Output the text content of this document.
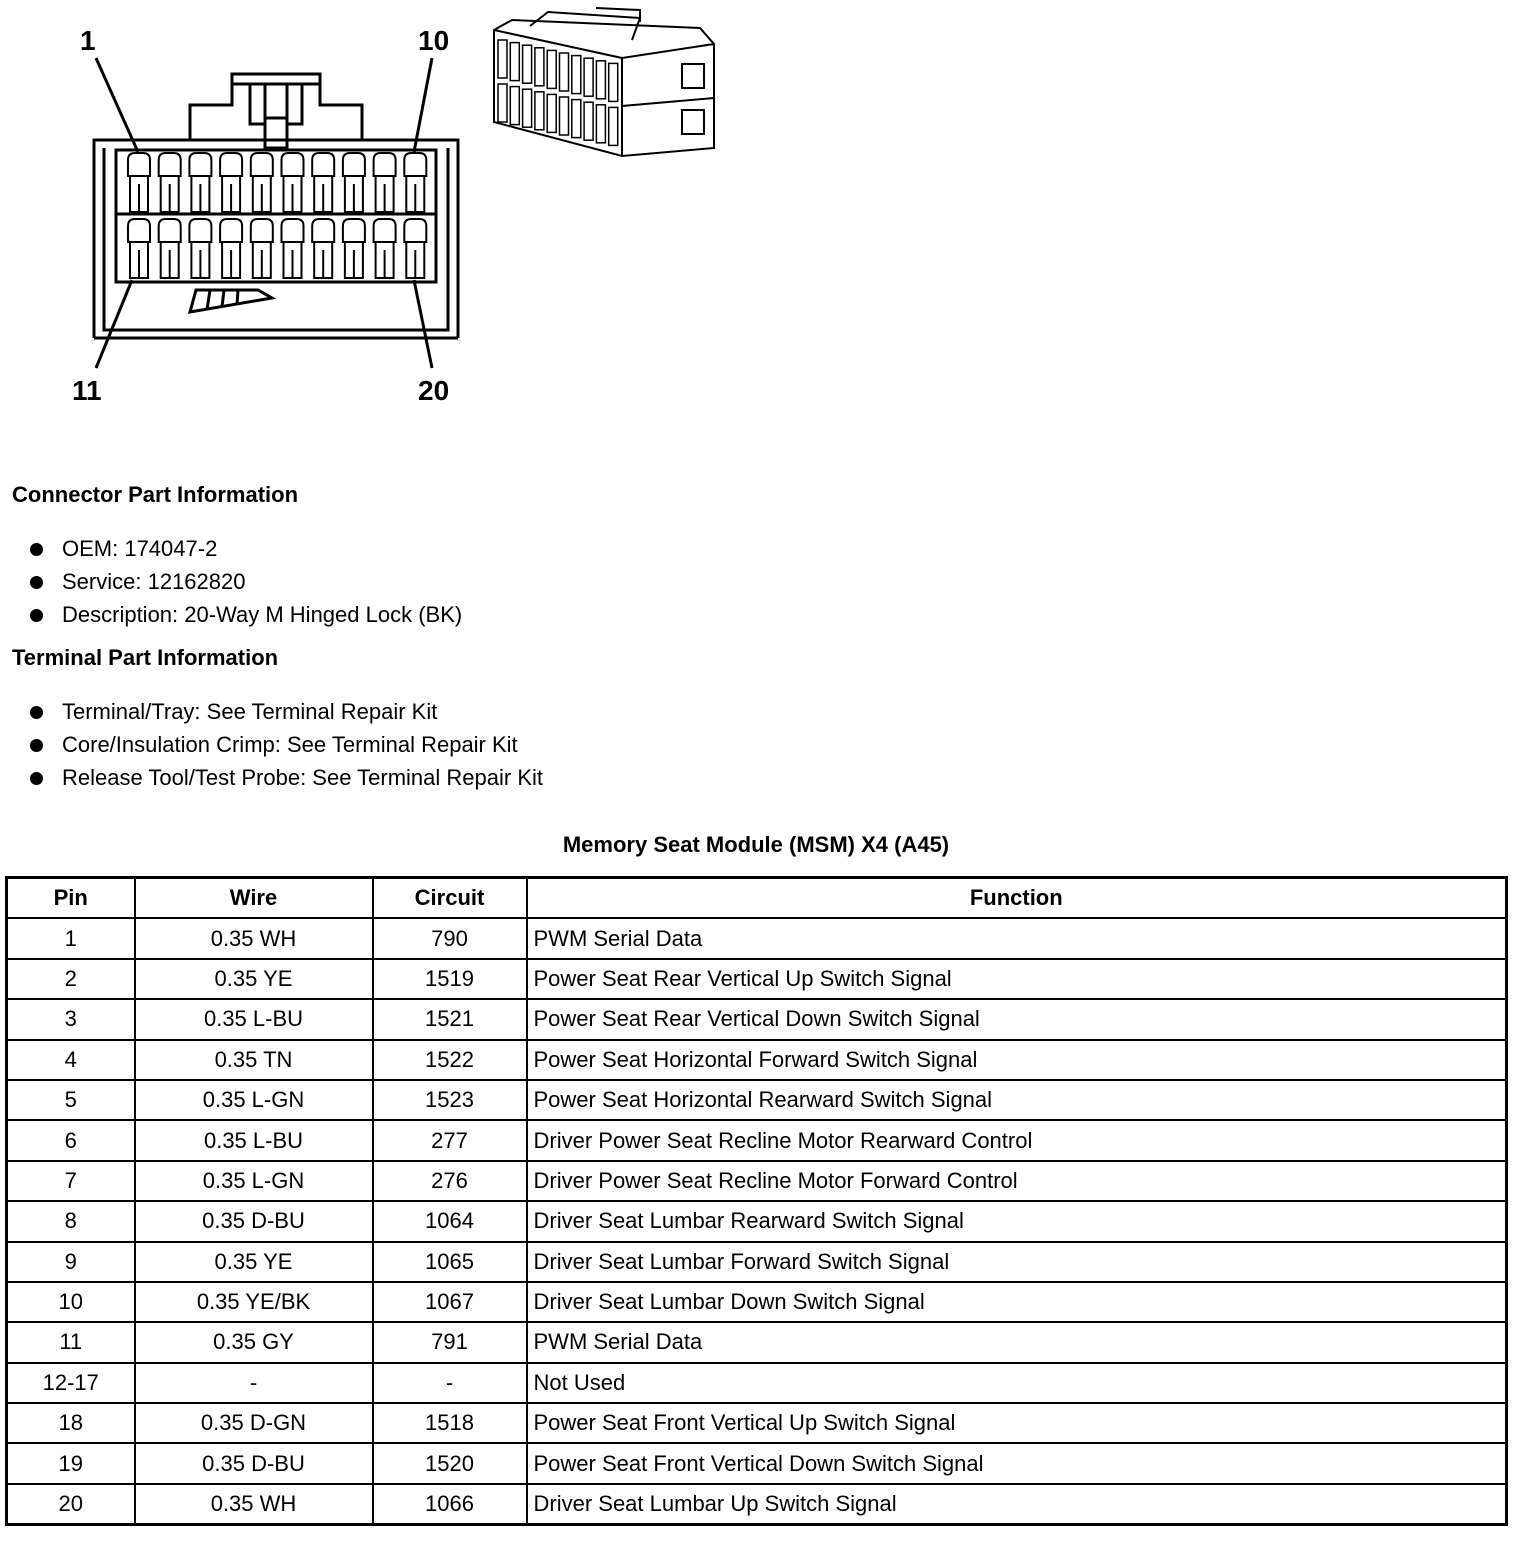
1	10
11	20
Connector Part Information
OEM: 174047-2
Service: 12162820
Description: 20-Way M Hinged Lock (BK)
Terminal Part Information
Terminal/Tray: See Terminal Repair Kit
Core/Insulation Crimp: See Terminal Repair Kit
Release Tool/Test Probe: See Terminal Repair Kit
Memory Seat Module (MSM) X4 (A45)
Pin	Wire	Circuit	Function
1	0.35 WH	790	PWM Serial Data
2	0.35 YE	1519	Power Seat Rear Vertical Up Switch Signal
3	0.35 L-BU	1521	Power Seat Rear Vertical Down Switch Signal
4	0.35 TN	1522	Power Seat Horizontal Forward Switch Signal
5	0.35 L-GN	1523	Power Seat Horizontal Rearward Switch Signal
6	0.35 L-BU	277	Driver Power Seat Recline Motor Rearward Control
7	0.35 L-GN	276	Driver Power Seat Recline Motor Forward Control
8	0.35 D-BU	1064	Driver Seat Lumbar Rearward Switch Signal
9	0.35 YE	1065	Driver Seat Lumbar Forward Switch Signal
10	0.35 YE/BK	1067	Driver Seat Lumbar Down Switch Signal
11	0.35 GY	791	PWM Serial Data
12-17	-	-	Not Used
18	0.35 D-GN	1518	Power Seat Front Vertical Up Switch Signal
19	0.35 D-BU	1520	Power Seat Front Vertical Down Switch Signal
20	0.35 WH	1066	Driver Seat Lumbar Up Switch Signal
